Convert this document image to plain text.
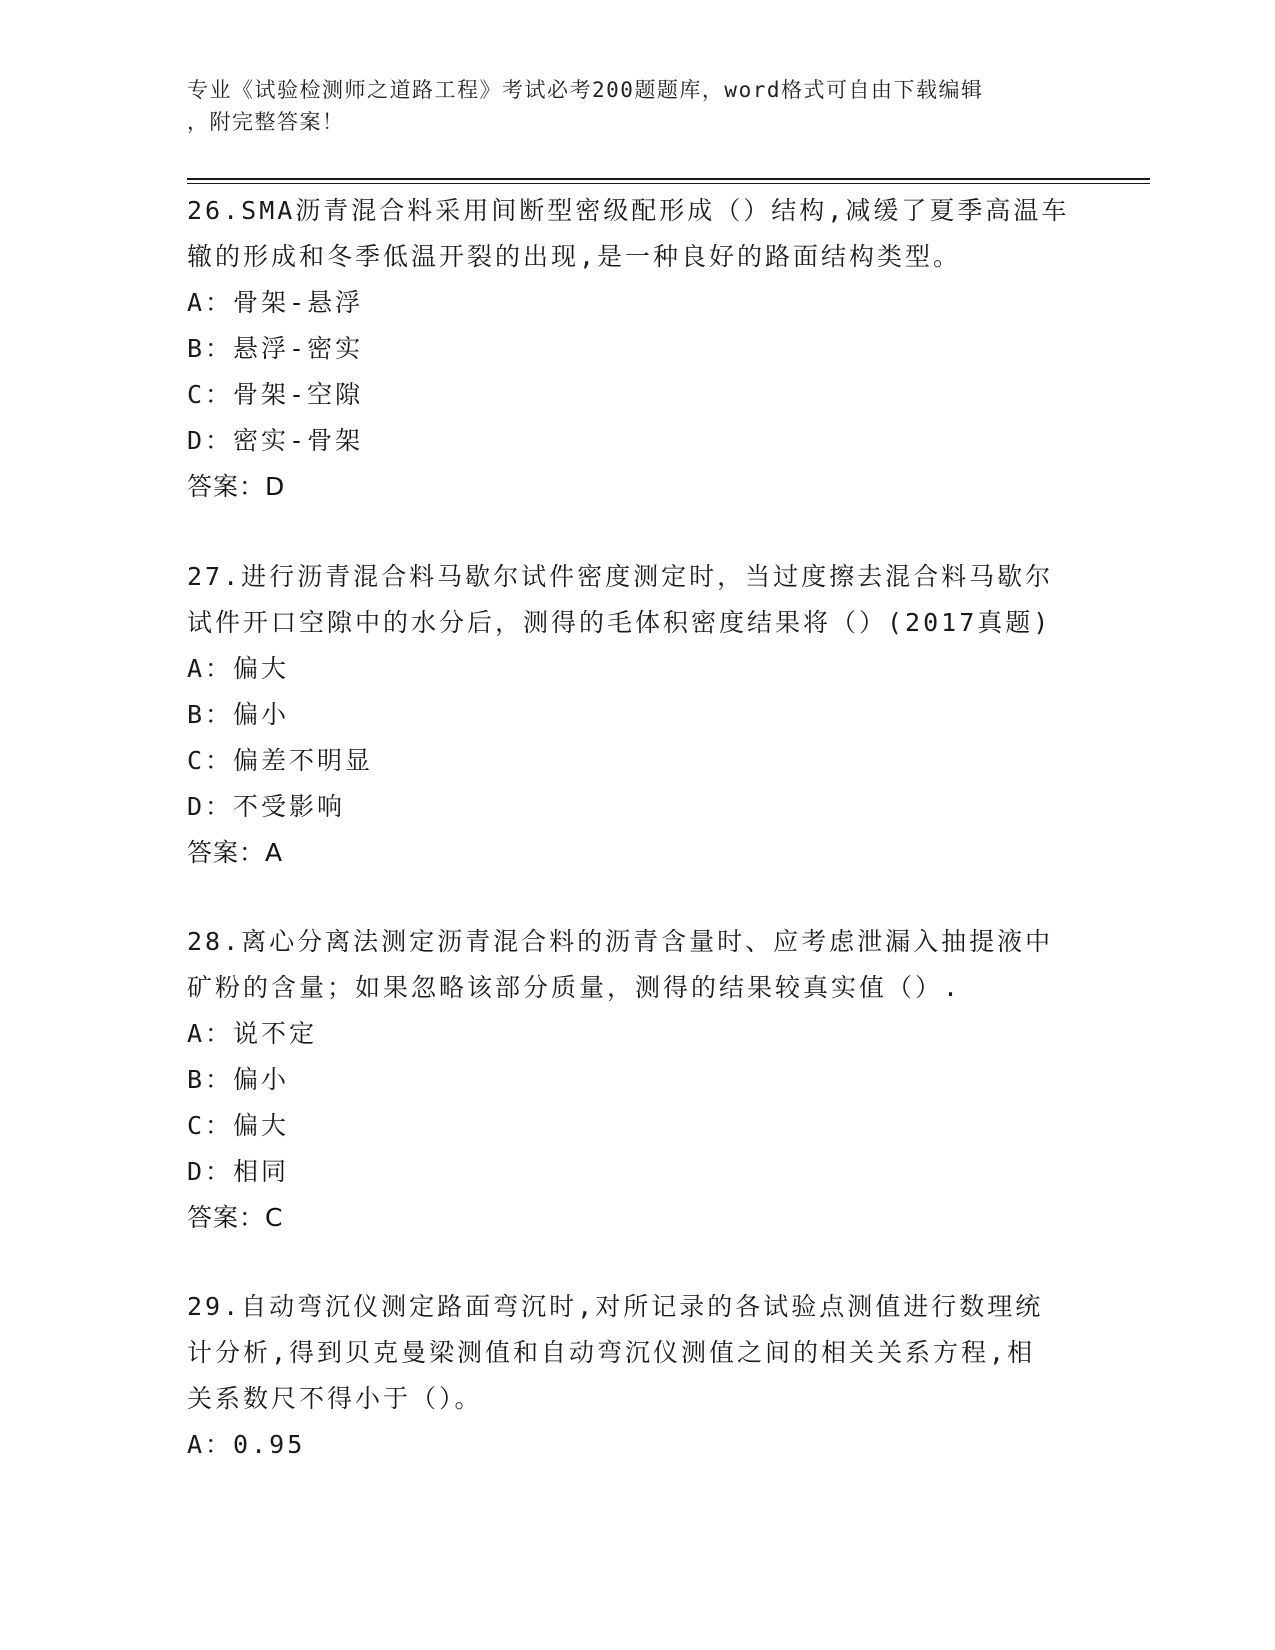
专业《试验检测师之道路工程》考试必考200题题库，word格式可自由下载编辑
，附完整答案！
26.SMA沥青混合料采用间断型密级配形成（）结构,减缓了夏季高温车
辙的形成和冬季低温开裂的出现,是一种良好的路面结构类型。
A：骨架-悬浮
B：悬浮-密实
C：骨架-空隙
D：密实-骨架
答案：D
27.进行沥青混合料马歇尔试件密度测定时，当过度擦去混合料马歇尔
试件开口空隙中的水分后，测得的毛体积密度结果将（）(2017真题)
A：偏大
B：偏小
C：偏差不明显
D：不受影响
答案：A
28.离心分离法测定沥青混合料的沥青含量时、应考虑泄漏入抽提液中
矿粉的含量；如果忽略该部分质量，测得的结果较真实值（）.
A：说不定
B：偏小
C：偏大
D：相同
答案：C
29.自动弯沉仪测定路面弯沉时,对所记录的各试验点测值进行数理统
计分析,得到贝克曼梁测值和自动弯沉仪测值之间的相关关系方程,相
关系数尺不得小于（）。
A：0.95
